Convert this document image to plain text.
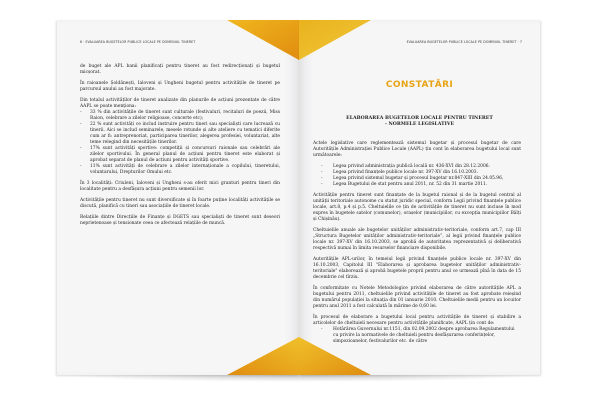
6 · EVALUAREA BUGETELOR PUBLICE LOCALE PE DOMENIUL TINERET

de buget ale APL banii planificați pentru tineret au fost redirecționați și bugetul micșorat.

În raioanele Șoldănești, Ialoveni și Ungheni bugetul pentru activitățile de tineret pe parcursul anului au fost majorate.

Din totalul activităților de tineret analizate din planurile de acțiuni prezentate de către AAPL se poate menționa:

- 33 % din activitățile de tineret sunt culturale (festivaluri, recitaluri de poezii, Miss Raion, celebrare a zilelor religioase, concerte etc);
- 22 % sunt activități ce includ instruire pentru tineri sau specialiști care lucrează cu tinerii. Aici se includ seminarele, mesele rotunde și alte ateliere cu tematici diferite cum ar fi: antreprenoriat, participarea tinerilor, alegerea profesiei, voluntariat, alte teme relegind din necesitățile tinerilor.
- 17% sunt activități sportive: competiții și concursuri raionale sau celebrări ale zilelor sportivului. În general planul de acțiuni pentru tineret este elaborat și aprobat separat de planul de acțiuni pentru activități sportive.
- 11% sunt activități de celebrare a zilelor internaționale a copilului, tineretului, voluntarului, Drepturilor Omului etc.

În 3 localități: Criuleni, Ialoveni și Ungheni s-au oferit mici granturi pentru tineri din localitate pentru a desfășura acțiuni pentru semenii lor.

Activitățile pentru tineret nu sunt diversificate și în foarte puține localități activitățile se discută, planifică cu tineri sau asociațiile de tineret locale.

Relațiile dintre Direcțiile de Finanțe și DGETS sau specialiști de tineret sunt deseori neprietenoase și tensionate ceea ce afectează relațiile de muncă.

EVALUAREA BUGETELOR PUBLICE LOCALE PE DOMENIUL TINERET · 7
CONSTATĂRI
ELABORAREA BUGETELOR LOCALE PENTRU TINERET
- NORMELE LEGISLATIVE

Actele legislative care reglementează sistemul bugetar și procesul bugetar de care Autoritățile Administrației Publice Locale (AAPL) țin cont în elaborarea bugetului local sunt următoarele:

- Legea privind administrația publică locală nr. 436-XVI din 28.12.2006.
- Legea privind finanțele publice locale nr. 397-XV din 16.10.2003.
- Legea privind sistemul bugetar și procesul bugetar nr.847-XIII din 24.05.96,
- Legea Bugetului de stat pentru anul 2011, nr. 52 din 31 martie 2011.

Activitățile pentru tineret sunt finanțate de la bugetul raional și de la bugetul central al unității teritoriale autonome cu statut juridic special, conform Legii privind finanțele publice locale, art.8, p.4 și p.5. Cheltuielile ce țin de activitățile de tineret nu sunt incluse în mod expres în bugetele satelor (comunelor), orașelor (municipiilor, cu excepția municipiilor Bălți și Chișinău).

Cheltuielile anuale ale bugetelor unităților administrativ-teritoriale, conform art.7, cap III „Structura Bugetelor unităților administrativ-teritoriale”, al legii privind finanțele publice locale nr. 397-XV din 16.10.2003, se aprobă de autoritatea reprezentativă și deliberativă respectivă numai în limita resurselor financiare disponibile.

Autoritățile APL-urilor, în temeiul legii privind finanțele publice locale nr. 397-XV din 16.10.2003, Capitolul III "Elaborarea și aprobarea bugetelor unităților administrativ-teritoriale" elaborează și aprobă bugetele proprii pentru anul ce urmează pînă în data de 15 decembrie cel tîrziu.

În conformitate cu Notele Metodologice privind elaborarea de către autoritățile APL a bugetului pentru 2011, cheltuielile privind activitățile de tineret au fost aprobate reieșind din numărul populației la situația din 01 ianuarie 2010. Cheltuielile medii pentru un locuitor pentru anul 2011 a fost calculată în mărime de 0,60 lei.

În procesul de elaborare a bugetului local pentru activitățile de tineret și stabilire a articolelor de cheltuieli necesare pentru activitățile planificate, AAPL țin cont de:

- Hotărârea Guvernului nr.1151, din 02.09.2002 despre aprobarea Regulamentului cu privire la normativele de cheltuieli pentru desfășurarea conferințelor, simpozioanelor, festivalurilor etc. de către
